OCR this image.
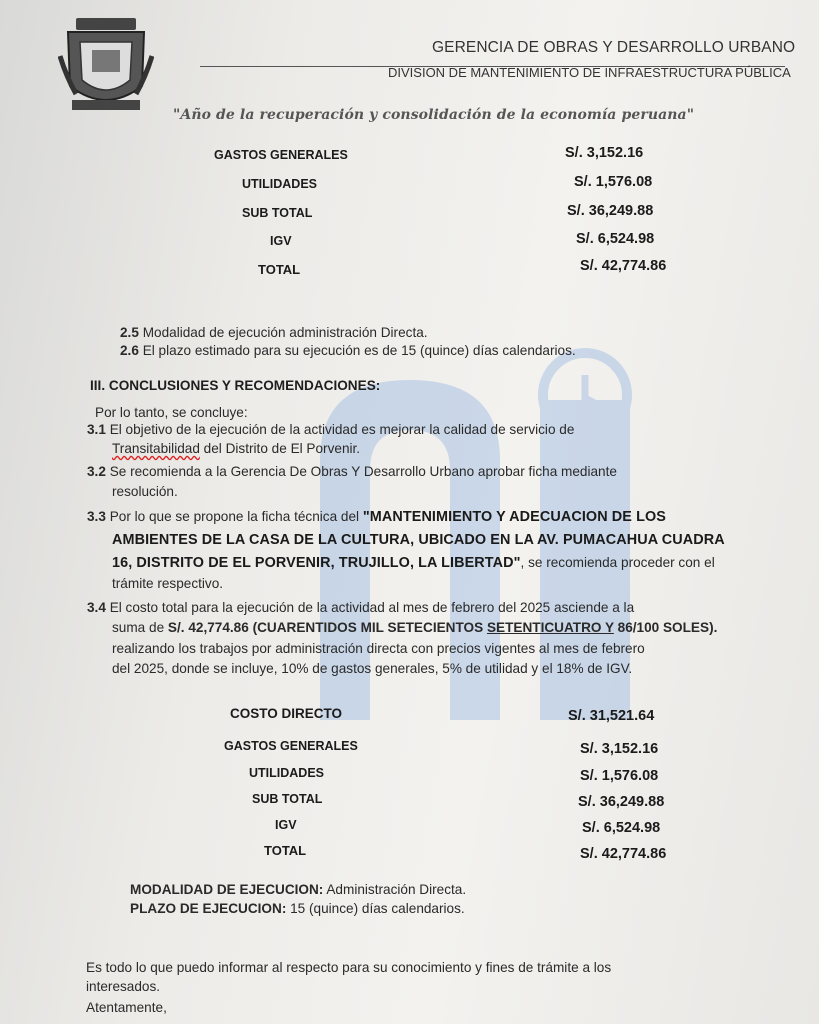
GERENCIA DE OBRAS Y DESARROLLO URBANO
DIVISION DE MANTENIMIENTO DE INFRAESTRUCTURA PÚBLICA
"Año de la recuperación y consolidación de la economía peruana"
GASTOS GENERALES	S/. 3,152.16
UTILIDADES	S/. 1,576.08
SUB TOTAL	S/. 36,249.88
IGV	S/. 6,524.98
TOTAL	S/. 42,774.86
2.5 Modalidad de ejecución administración Directa.
2.6 El plazo estimado para su ejecución es de 15 (quince) días calendarios.
III. CONCLUSIONES Y RECOMENDACIONES:
Por lo tanto, se concluye:
3.1 El objetivo de la ejecución de la actividad es mejorar la calidad de servicio de
Transitabilidad del Distrito de El Porvenir.
3.2 Se recomienda a la Gerencia De Obras Y Desarrollo Urbano aprobar ficha mediante
resolución.
3.3 Por lo que se propone la ficha técnica del "MANTENIMIENTO Y ADECUACION DE LOS
AMBIENTES DE LA CASA DE LA CULTURA, UBICADO EN LA AV. PUMACAHUA CUADRA
16, DISTRITO DE EL PORVENIR, TRUJILLO, LA LIBERTAD", se recomienda proceder con el
trámite respectivo.
3.4 El costo total para la ejecución de la actividad al mes de febrero del 2025 asciende a la
suma de S/. 42,774.86 (CUARENTIDOS MIL SETECIENTOS SETENTICUATRO Y 86/100 SOLES).
realizando los trabajos por administración directa con precios vigentes al mes de febrero
del 2025, donde se incluye, 10% de gastos generales, 5% de utilidad y el 18% de IGV.
COSTO DIRECTO	S/. 31,521.64
GASTOS GENERALES	S/. 3,152.16
UTILIDADES	S/. 1,576.08
SUB TOTAL	S/. 36,249.88
IGV	S/. 6,524.98
TOTAL	S/. 42,774.86
MODALIDAD DE EJECUCION: Administración Directa.
PLAZO DE EJECUCION: 15 (quince) días calendarios.
Es todo lo que puedo informar al respecto para su conocimiento y fines de trámite a los
interesados.
Atentamente,
